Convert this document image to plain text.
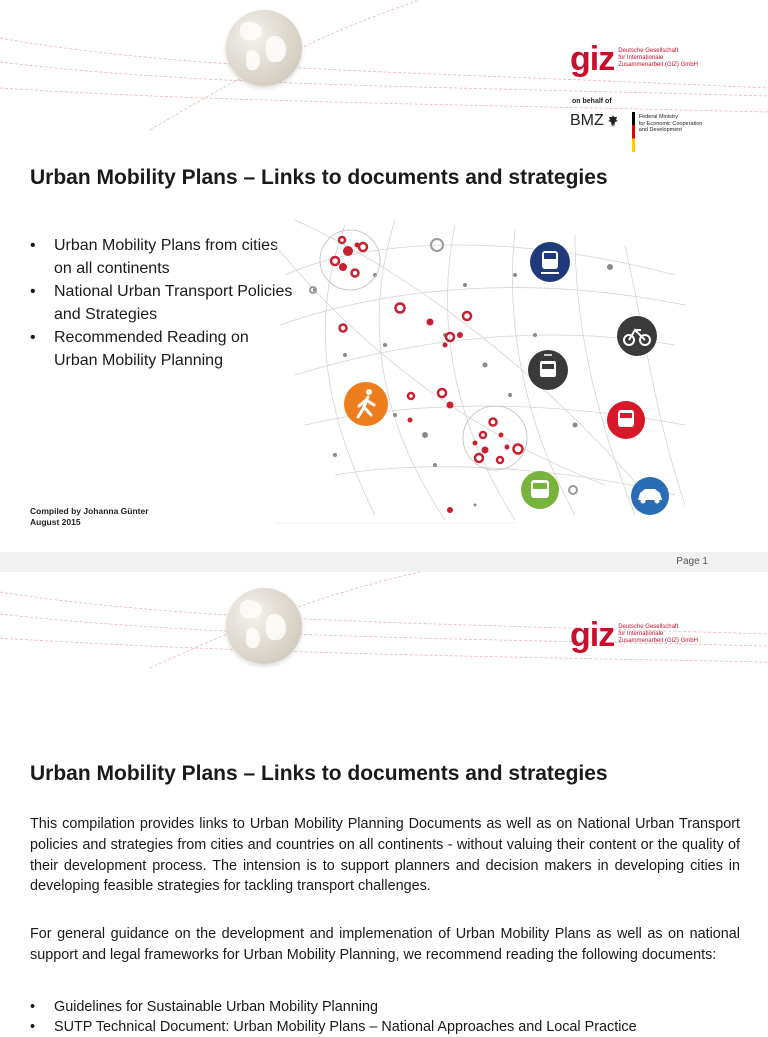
giz Deutsche Gesellschaft
für Internationale
Zusammenarbeit (GIZ) GmbH
on behalf of
BMZ	Federal Ministry
for Economic Cooperation
and Development
Urban Mobility Plans – Links to documents and strategies
• Urban Mobility Plans from cities on all continents
• National Urban Transport Policies and Strategies
• Recommended Reading on Urban Mobility Planning
Compiled by Johanna Günter
August 2015
Page 1
giz Deutsche Gesellschaft
für Internationale
Zusammenarbeit (GIZ) GmbH
Urban Mobility Plans – Links to documents and strategies

This compilation provides links to Urban Mobility Planning Documents as well as on National Urban Transport policies and strategies from cities and countries on all continents - without valuing their content or the quality of their development process. The intension is to support planners and decision makers in developing cities in developing feasible strategies for tackling transport challenges.

For general guidance on the development and implemenation of Urban Mobility Plans as well as on national support and legal frameworks for Urban Mobility Planning, we recommend reading the following documents:

• Guidelines for Sustainable Urban Mobility Planning
• SUTP Technical Document: Urban Mobility Plans – National Approaches and Local Practice
